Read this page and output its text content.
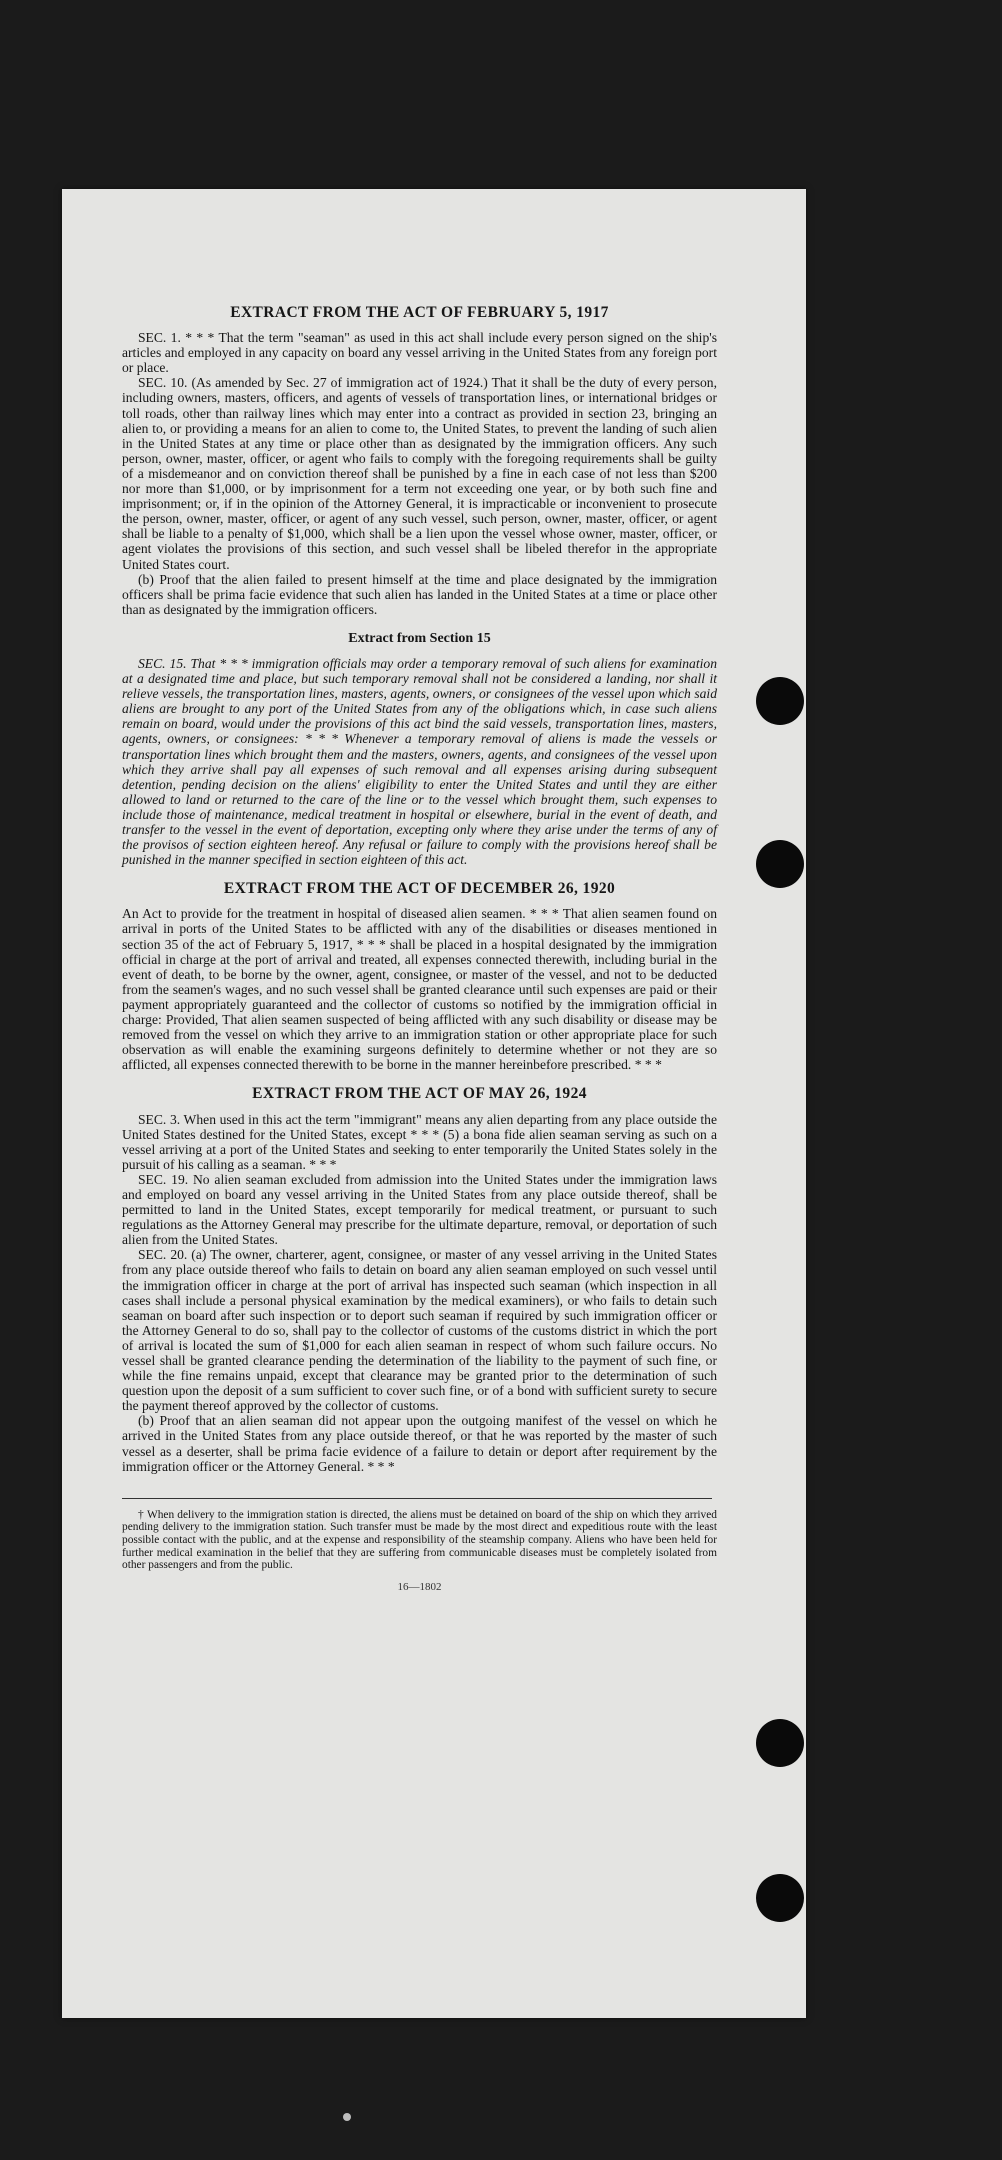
EXTRACT FROM THE ACT OF FEBRUARY 5, 1917

SEC. 1. * * * That the term "seaman" as used in this act shall include every person signed on the ship's articles and employed in any capacity on board any vessel arriving in the United States from any foreign port or place.

SEC. 10. (As amended by Sec. 27 of immigration act of 1924.) That it shall be the duty of every person, including owners, masters, officers, and agents of vessels of transportation lines, or international bridges or toll roads, other than railway lines which may enter into a contract as provided in section 23, bringing an alien to, or providing a means for an alien to come to, the United States, to prevent the landing of such alien in the United States at any time or place other than as designated by the immigration officers. Any such person, owner, master, officer, or agent who fails to comply with the foregoing requirements shall be guilty of a misdemeanor and on conviction thereof shall be punished by a fine in each case of not less than $200 nor more than $1,000, or by imprisonment for a term not exceeding one year, or by both such fine and imprisonment; or, if in the opinion of the Attorney General, it is impracticable or inconvenient to prosecute the person, owner, master, officer, or agent of any such vessel, such person, owner, master, officer, or agent shall be liable to a penalty of $1,000, which shall be a lien upon the vessel whose owner, master, officer, or agent violates the provisions of this section, and such vessel shall be libeled therefor in the appropriate United States court.

(b) Proof that the alien failed to present himself at the time and place designated by the immigration officers shall be prima facie evidence that such alien has landed in the United States at a time or place other than as designated by the immigration officers.

Extract from Section 15

SEC. 15. That * * * immigration officials may order a temporary removal of such aliens for examination at a designated time and place, but such temporary removal shall not be considered a landing, nor shall it relieve vessels, the transportation lines, masters, agents, owners, or consignees of the vessel upon which said aliens are brought to any port of the United States from any of the obligations which, in case such aliens remain on board, would under the provisions of this act bind the said vessels, transportation lines, masters, agents, owners, or consignees: * * * Whenever a temporary removal of aliens is made the vessels or transportation lines which brought them and the masters, owners, agents, and consignees of the vessel upon which they arrive shall pay all expenses of such removal and all expenses arising during subsequent detention, pending decision on the aliens' eligibility to enter the United States and until they are either allowed to land or returned to the care of the line or to the vessel which brought them, such expenses to include those of maintenance, medical treatment in hospital or elsewhere, burial in the event of death, and transfer to the vessel in the event of deportation, excepting only where they arise under the terms of any of the provisos of section eighteen hereof. Any refusal or failure to comply with the provisions hereof shall be punished in the manner specified in section eighteen of this act.

EXTRACT FROM THE ACT OF DECEMBER 26, 1920

An Act to provide for the treatment in hospital of diseased alien seamen. * * * That alien seamen found on arrival in ports of the United States to be afflicted with any of the disabilities or diseases mentioned in section 35 of the act of February 5, 1917, * * * shall be placed in a hospital designated by the immigration official in charge at the port of arrival and treated, all expenses connected therewith, including burial in the event of death, to be borne by the owner, agent, consignee, or master of the vessel, and not to be deducted from the seamen's wages, and no such vessel shall be granted clearance until such expenses are paid or their payment appropriately guaranteed and the collector of customs so notified by the immigration official in charge: Provided, That alien seamen suspected of being afflicted with any such disability or disease may be removed from the vessel on which they arrive to an immigration station or other appropriate place for such observation as will enable the examining surgeons definitely to determine whether or not they are so afflicted, all expenses connected therewith to be borne in the manner hereinbefore prescribed. * * *

EXTRACT FROM THE ACT OF MAY 26, 1924

SEC. 3. When used in this act the term "immigrant" means any alien departing from any place outside the United States destined for the United States, except * * * (5) a bona fide alien seaman serving as such on a vessel arriving at a port of the United States and seeking to enter temporarily the United States solely in the pursuit of his calling as a seaman. * * *

SEC. 19. No alien seaman excluded from admission into the United States under the immigration laws and employed on board any vessel arriving in the United States from any place outside thereof, shall be permitted to land in the United States, except temporarily for medical treatment, or pursuant to such regulations as the Attorney General may prescribe for the ultimate departure, removal, or deportation of such alien from the United States.

SEC. 20. (a) The owner, charterer, agent, consignee, or master of any vessel arriving in the United States from any place outside thereof who fails to detain on board any alien seaman employed on such vessel until the immigration officer in charge at the port of arrival has inspected such seaman (which inspection in all cases shall include a personal physical examination by the medical examiners), or who fails to detain such seaman on board after such inspection or to deport such seaman if required by such immigration officer or the Attorney General to do so, shall pay to the collector of customs of the customs district in which the port of arrival is located the sum of $1,000 for each alien seaman in respect of whom such failure occurs. No vessel shall be granted clearance pending the determination of the liability to the payment of such fine, or while the fine remains unpaid, except that clearance may be granted prior to the determination of such question upon the deposit of a sum sufficient to cover such fine, or of a bond with sufficient surety to secure the payment thereof approved by the collector of customs.

(b) Proof that an alien seaman did not appear upon the outgoing manifest of the vessel on which he arrived in the United States from any place outside thereof, or that he was reported by the master of such vessel as a deserter, shall be prima facie evidence of a failure to detain or deport after requirement by the immigration officer or the Attorney General. * * *

† When delivery to the immigration station is directed, the aliens must be detained on board of the ship on which they arrived pending delivery to the immigration station. Such transfer must be made by the most direct and expeditious route with the least possible contact with the public, and at the expense and responsibility of the steamship company. Aliens who have been held for further medical examination in the belief that they are suffering from communicable diseases must be completely isolated from other passengers and from the public.

16—1802
